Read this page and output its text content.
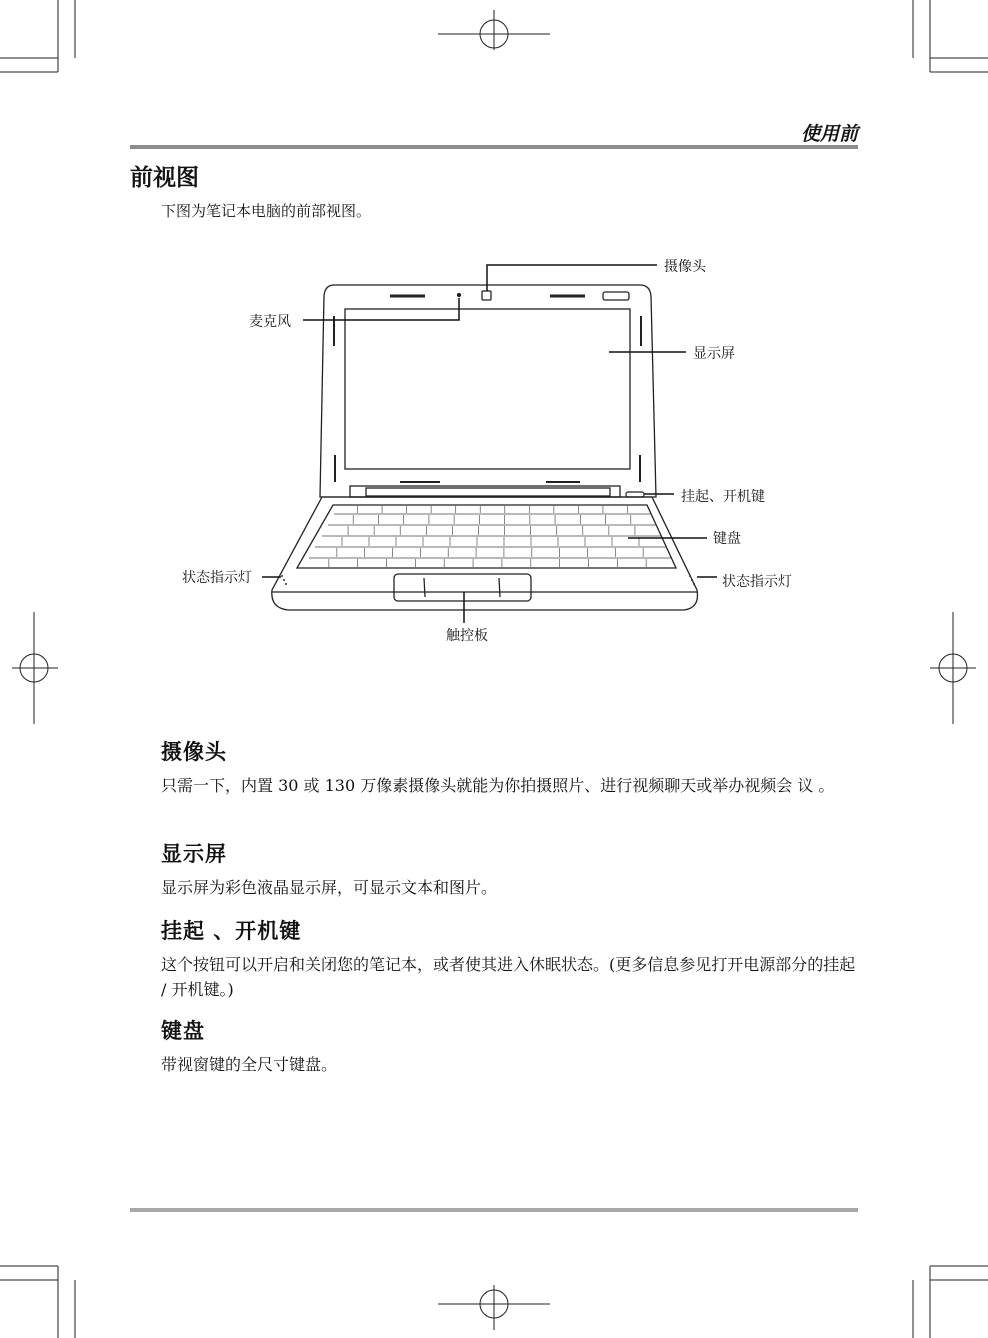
使用前
前视图
下图为笔记本电脑的前部视图。
摄像头
麦克风
显示屏
挂起、开机键
键盘
状态指示灯	状态指示灯
触控板
摄像头
只需一下，内置 30 或 130 万像素摄像头就能为你拍摄照片、进行视频聊天或举办视频会 议 。
显示屏
显示屏为彩色液晶显示屏，可显示文本和图片。
挂起 、开机键
这个按钮可以开启和关闭您的笔记本，或者使其进入休眠状态。(更多信息参见打开电源部分的挂起 / 开机键。)
键盘
带视窗键的全尺寸键盘。
